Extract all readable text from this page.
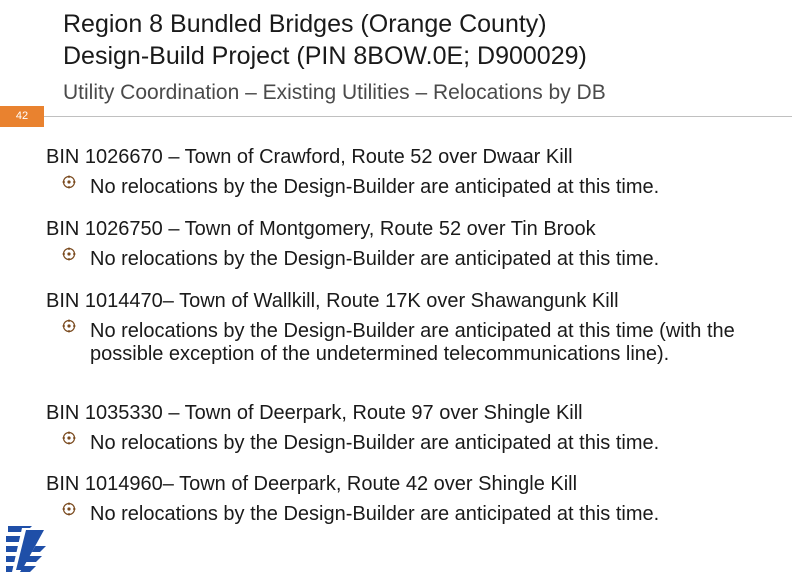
Region 8 Bundled Bridges (Orange County)
Design-Build Project (PIN 8BOW.0E; D900029)
Utility Coordination – Existing Utilities – Relocations by DB
42
BIN 1026670 – Town of Crawford, Route 52 over Dwaar Kill
No relocations by the Design-Builder are anticipated at this time.
BIN 1026750 – Town of Montgomery, Route 52 over Tin Brook
No relocations by the Design-Builder are anticipated at this time.
BIN 1014470– Town of Wallkill, Route 17K over Shawangunk Kill
No relocations by the Design-Builder are anticipated at this time (with the possible exception of the undetermined telecommunications line).
BIN 1035330 – Town of Deerpark, Route 97 over Shingle Kill
No relocations by the Design-Builder are anticipated at this time.
BIN 1014960– Town of Deerpark, Route 42 over Shingle Kill
No relocations by the Design-Builder are anticipated at this time.
